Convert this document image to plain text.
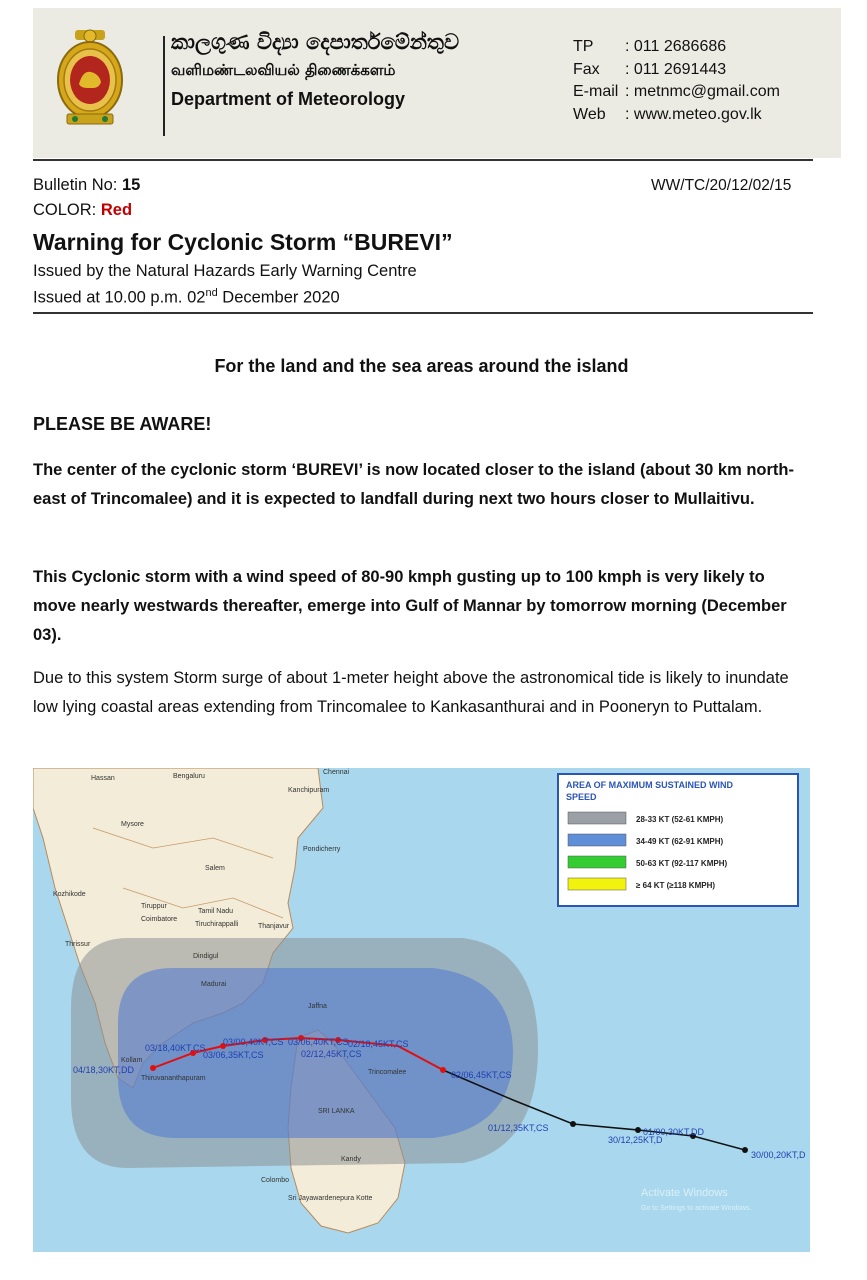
කාලගුණ විද්‍යා දෙපාර්තමේන්තුව
வளிமண்டலவியல் திணைக்களம்
Department of Meteorology
TP : 011 2686686
Fax : 011 2691443
E-mail : metnmc@gmail.com
Web : www.meteo.gov.lk
Bulletin No: 15
COLOR: Red
WW/TC/20/12/02/15
Warning for Cyclonic Storm “BUREVI”
Issued by the Natural Hazards Early Warning Centre
Issued at 10.00 p.m. 02nd December 2020
For the land and the sea areas around the island
PLEASE BE AWARE!
The center of the cyclonic storm ‘BUREVI’ is now located closer to the island (about 30 km north-east of Trincomalee) and it is expected to landfall during next two hours closer to Mullaitivu.
This Cyclonic storm with a wind speed of 80-90 kmph gusting up to 100 kmph is very likely to move nearly westwards thereafter, emerge into Gulf of Mannar by tomorrow morning (December 03).
Due to this system Storm surge of about 1-meter height above the astronomical tide is likely to inundate low lying coastal areas extending from Trincomalee to Kankasanthurai and in Pooneryn to Puttalam.
Hassan	Bengaluru
Chennai
Kanchipuram
Mysore
Pondicherry
Salem
Kozhikode
Tiruppur
Coimbatore
Tamil Nadu
Tiruchirappalli	Thanjavur
Thrissur
Dindigul
Madurai
Jaffna
Kollam
Thiruvananthapuram
Trincomalee
SRI LANKA
Kandy
Colombo
Sri Jayawardenepura Kotte
04/18,30KT,DD
03/18,40KT,CS
03/06,35KT,CS
03/00,40KT,CS 03/06,40KT,CS
02/12,45KT,CS
02/18,45KT,CS
02/06,45KT,CS
01/12,35KT,CS
30/12,25KT,D
01/00,30KT,DD
30/00,20KT,D
AREA OF MAXIMUM SUSTAINED WIND
SPEED
28-33 KT (52-61 KMPH)
34-49 KT (62-91 KMPH)
50-63 KT (92-117 KMPH)
≥ 64 KT (≥118 KMPH)
Activate Windows
Go to Settings to activate Windows.
